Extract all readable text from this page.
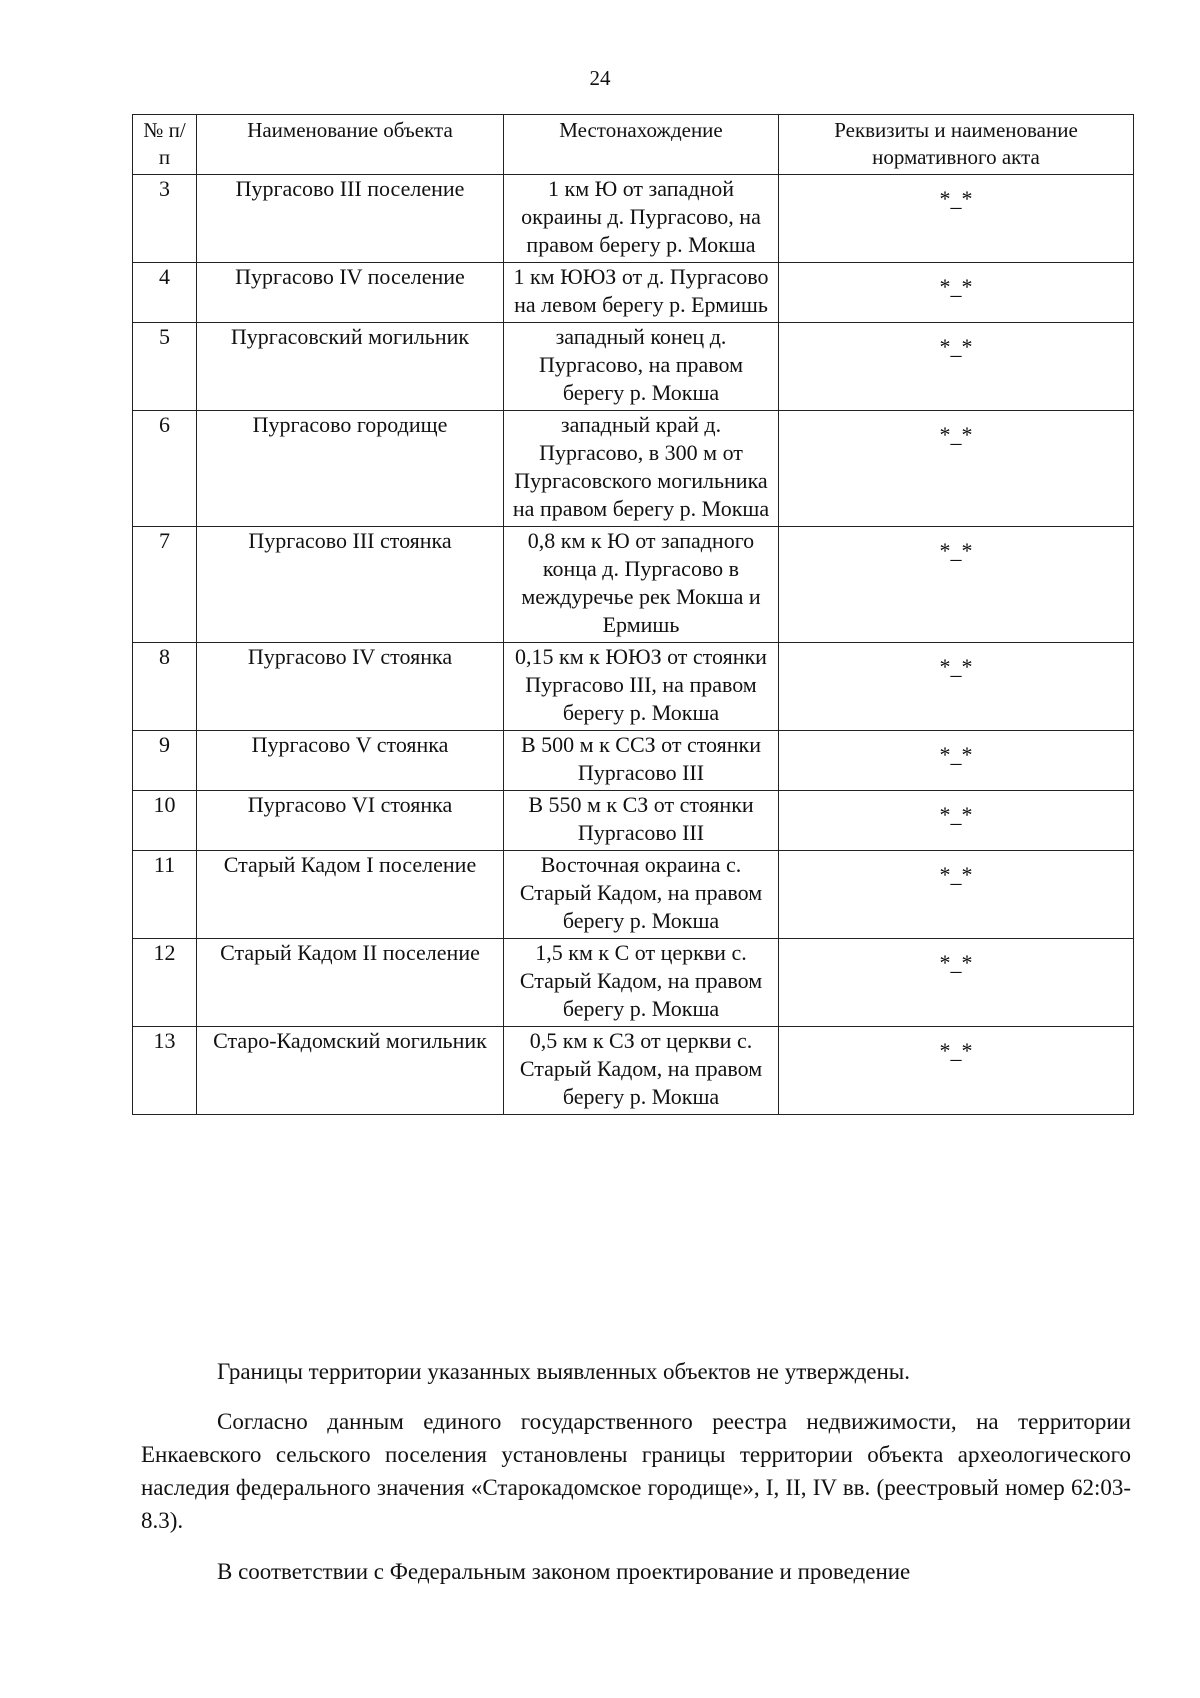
24
№ п/п	Наименование объекта	Местонахождение	Реквизиты и наименование нормативного акта
3	Пургасово III поселение	1 км Ю от западной окраины д. Пургасово, на правом берегу р. Мокша	*_*
4	Пургасово IV поселение	1 км ЮЮЗ от д. Пургасово на левом берегу р. Ермишь	*_*
5	Пургасовский могильник	западный конец д. Пургасово, на правом берегу р. Мокша	*_*
6	Пургасово городище	западный край д. Пургасово, в 300 м от Пургасовского могильника на правом берегу р. Мокша	*_*
7	Пургасово III стоянка	0,8 км к Ю от западного конца д. Пургасово в междуречье рек Мокша и Ермишь	*_*
8	Пургасово IV стоянка	0,15 км к ЮЮЗ от стоянки Пургасово III, на правом берегу р. Мокша	*_*
9	Пургасово V стоянка	В 500 м к ССЗ от стоянки Пургасово III	*_*
10	Пургасово VI стоянка	В 550 м к СЗ от стоянки Пургасово III	*_*
11	Старый Кадом I поселение	Восточная окраина с. Старый Кадом, на правом берегу р. Мокша	*_*
12	Старый Кадом II поселение	1,5 км к С от церкви с. Старый Кадом, на правом берегу р. Мокша	*_*
13	Старо-Кадомский могильник	0,5 км к СЗ от церкви с. Старый Кадом, на правом берегу р. Мокша	*_*

Границы территории указанных выявленных объектов не утверждены.

Согласно данным единого государственного реестра недвижимости, на территории Енкаевского сельского поселения установлены границы территории объекта археологического наследия федерального значения «Старокадомское городище», I, II, IV вв. (реестровый номер 62:03-8.3).

В соответствии с Федеральным законом проектирование и проведение
